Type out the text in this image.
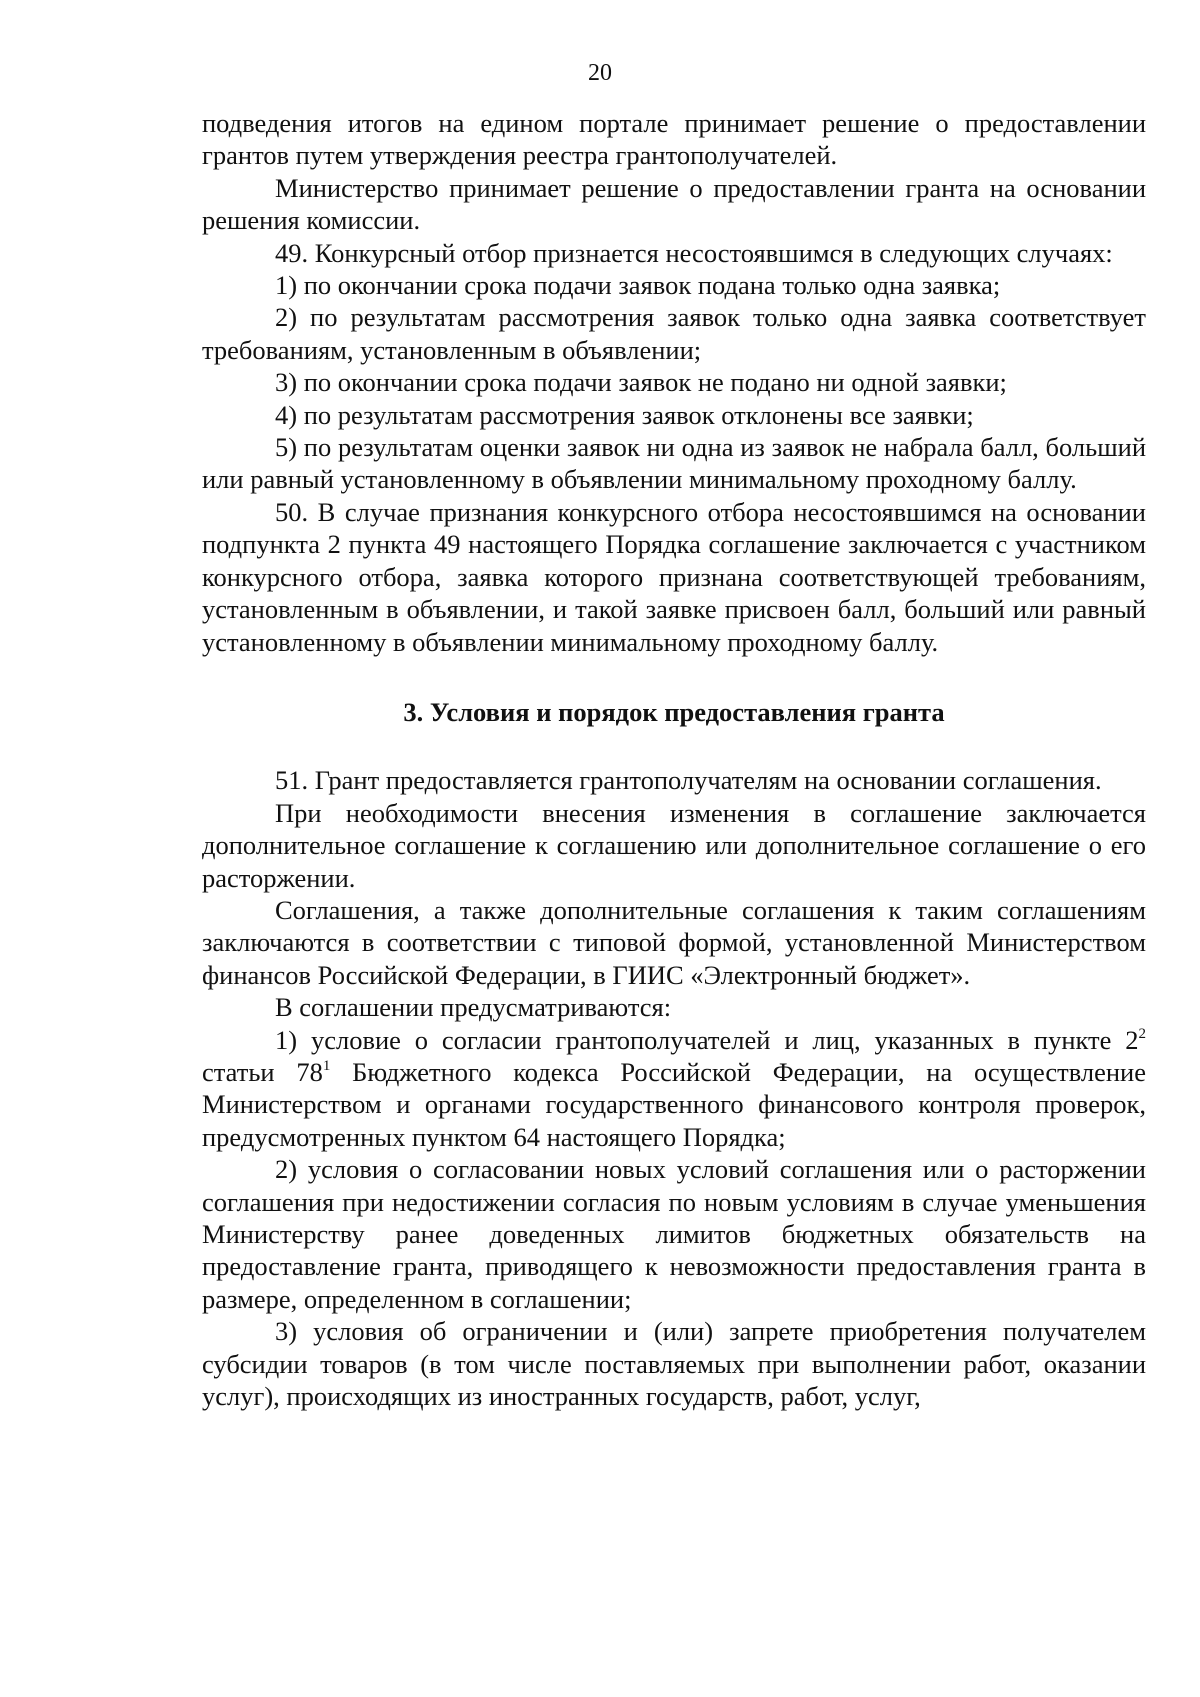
20

подведения итогов на едином портале принимает решение о предоставлении грантов путем утверждения реестра грантополучателей.

Министерство принимает решение о предоставлении гранта на основании решения комиссии.

49. Конкурсный отбор признается несостоявшимся в следующих случаях:

1) по окончании срока подачи заявок подана только одна заявка;

2) по результатам рассмотрения заявок только одна заявка соответствует требованиям, установленным в объявлении;

3) по окончании срока подачи заявок не подано ни одной заявки;

4) по результатам рассмотрения заявок отклонены все заявки;

5) по результатам оценки заявок ни одна из заявок не набрала балл, больший или равный установленному в объявлении минимальному проходному баллу.

50. В случае признания конкурсного отбора несостоявшимся на основании подпункта 2 пункта 49 настоящего Порядка соглашение заключается с участником конкурсного отбора, заявка которого признана соответствующей требованиям, установленным в объявлении, и такой заявке присвоен балл, больший или равный установленному в объявлении минимальному проходному баллу.

3. Условия и порядок предоставления гранта

51. Грант предоставляется грантополучателям на основании соглашения.

При необходимости внесения изменения в соглашение заключается дополнительное соглашение к соглашению или дополнительное соглашение о его расторжении.

Соглашения, а также дополнительные соглашения к таким соглашениям заключаются в соответствии с типовой формой, установленной Министерством финансов Российской Федерации, в ГИИС «Электронный бюджет».

В соглашении предусматриваются:

1) условие о согласии грантополучателей и лиц, указанных в пункте $2^2$ статьи $78^1$ Бюджетного кодекса Российской Федерации, на осуществление Министерством и органами государственного финансового контроля проверок, предусмотренных пунктом 64 настоящего Порядка;

2) условия о согласовании новых условий соглашения или о расторжении соглашения при недостижении согласия по новым условиям в случае уменьшения Министерству ранее доведенных лимитов бюджетных обязательств на предоставление гранта, приводящего к невозможности предоставления гранта в размере, определенном в соглашении;

3) условия об ограничении и (или) запрете приобретения получателем субсидии товаров (в том числе поставляемых при выполнении работ, оказании услуг), происходящих из иностранных государств, работ, услуг,
